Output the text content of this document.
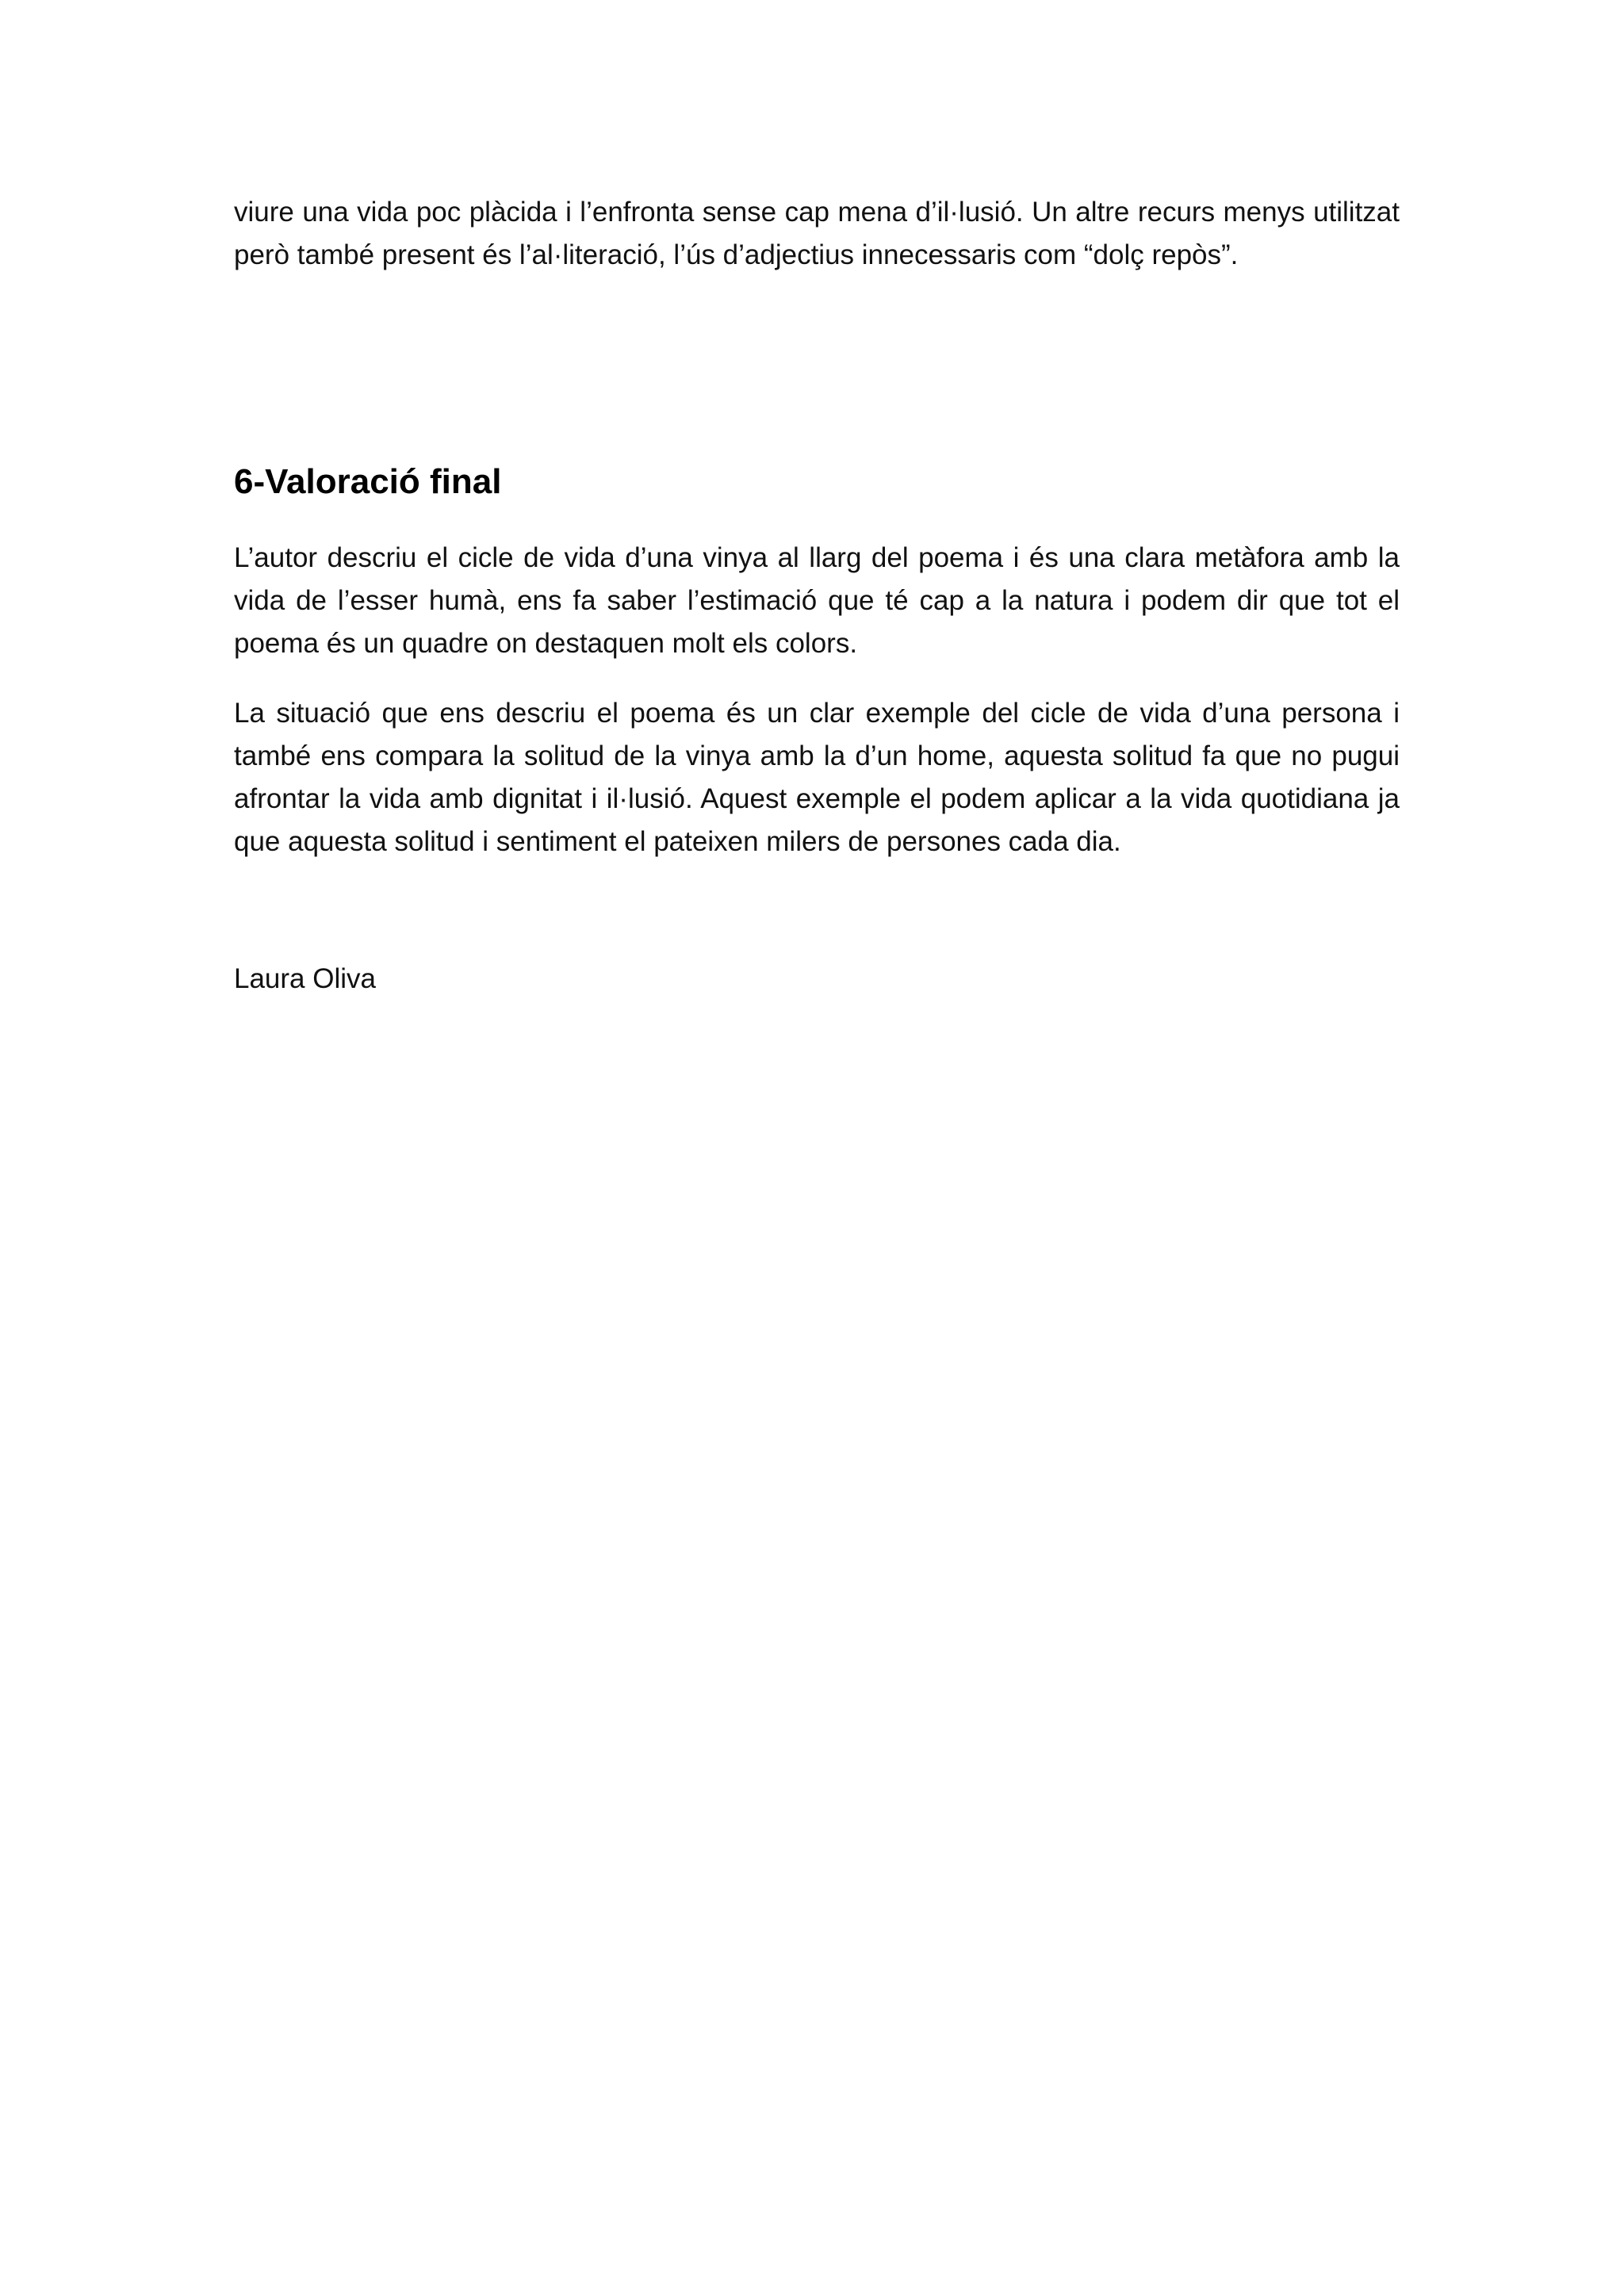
viure una vida poc plàcida i l’enfronta sense cap mena d’il·lusió. Un altre recurs menys utilitzat però també present és l’al·literació, l’ús d’adjectius innecessaris com “dolç repòs”.

6-Valoració final

L’autor descriu el cicle de vida d’una vinya al llarg del poema i és una clara metàfora amb la vida de l’esser humà, ens fa saber l’estimació que té cap a la natura i podem dir que tot el poema és un quadre on destaquen molt els colors.

La situació que ens descriu el poema és un clar exemple del cicle de vida d’una persona i també ens compara la solitud de la vinya amb la d’un home, aquesta solitud fa que no pugui afrontar la vida amb dignitat i il·lusió. Aquest exemple el podem aplicar a la vida quotidiana ja que aquesta solitud i sentiment el pateixen milers de persones cada dia.

Laura Oliva
